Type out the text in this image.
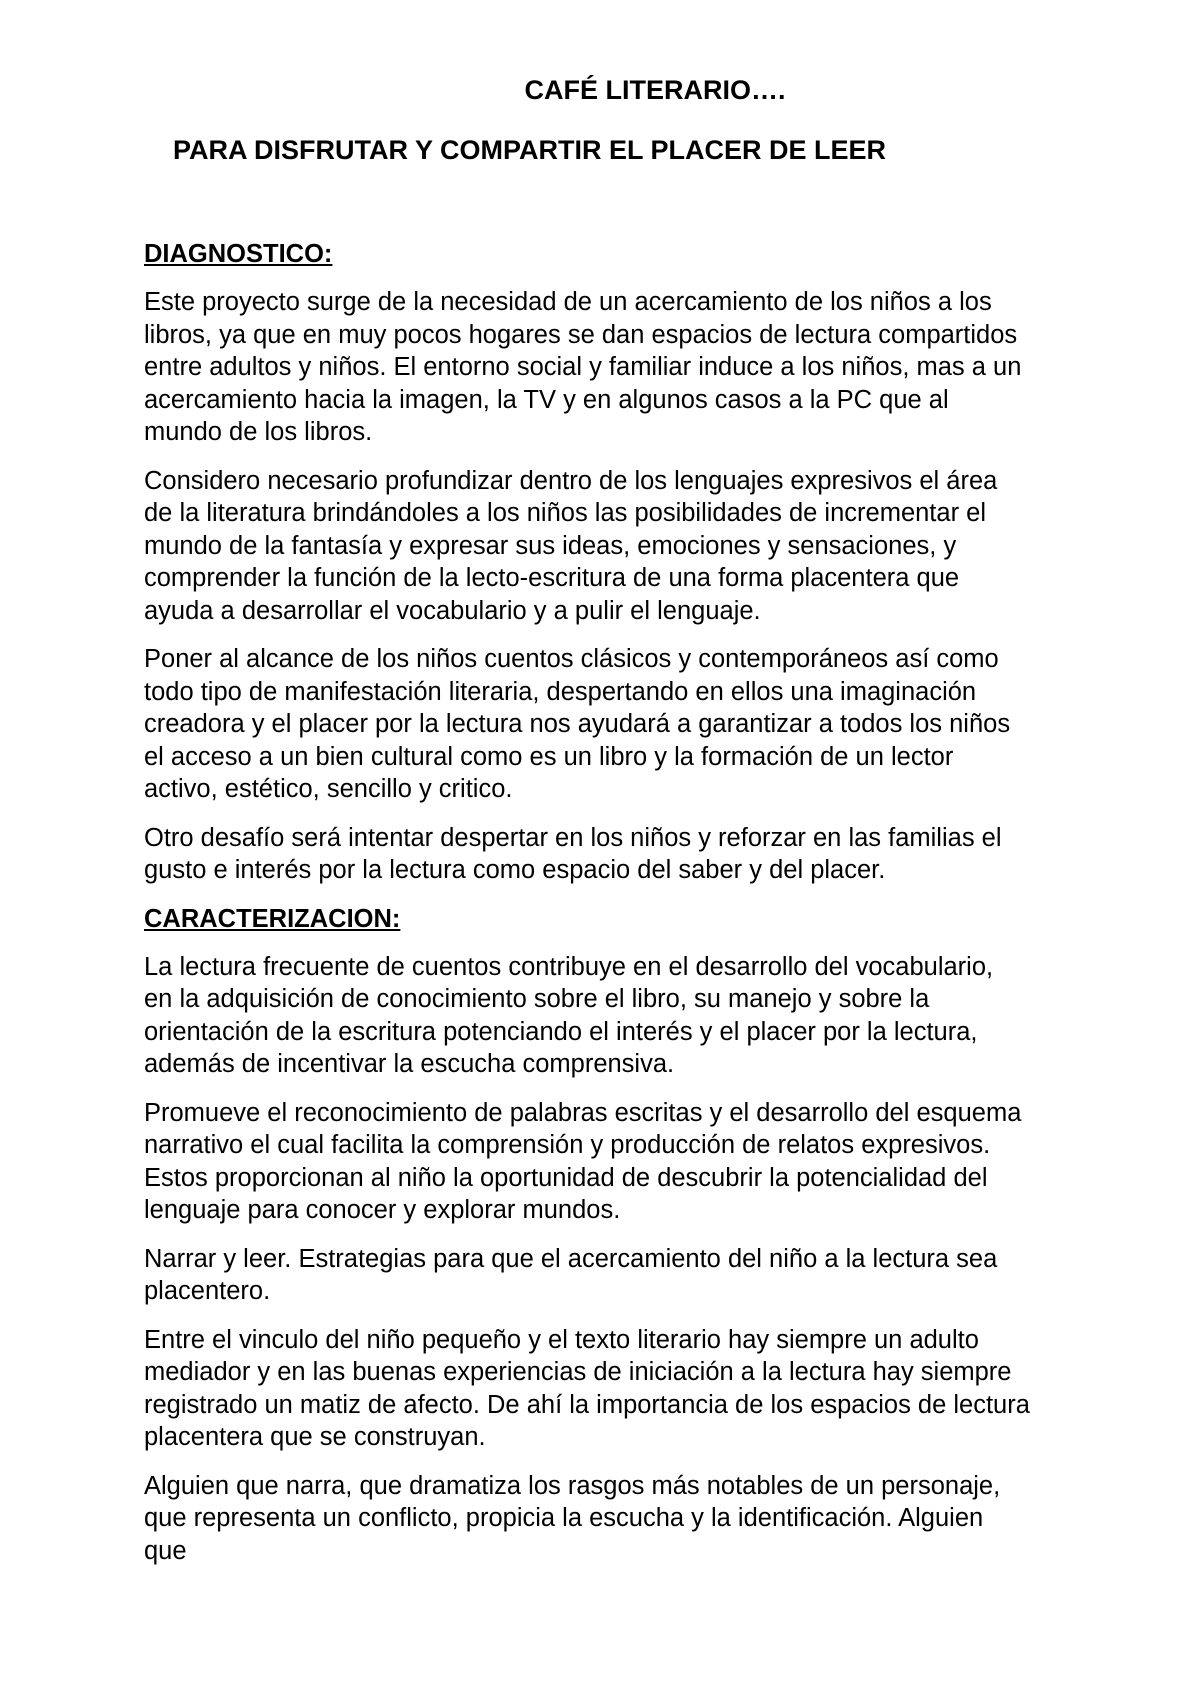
CAFÉ LITERARIO….
PARA DISFRUTAR Y COMPARTIR EL PLACER DE LEER
DIAGNOSTICO:
Este proyecto surge de la necesidad de un acercamiento de los niños a los
libros, ya que en muy pocos hogares se dan espacios de lectura compartidos
entre adultos y niños. El entorno social y familiar induce a los niños, mas a un
acercamiento hacia la imagen, la TV y en algunos casos a la PC que al
mundo de los libros.
Considero necesario profundizar dentro de los lenguajes expresivos el área
de la literatura brindándoles a los niños las posibilidades de incrementar el
mundo de la fantasía y expresar sus ideas, emociones y sensaciones, y
comprender la función de la lecto-escritura de una forma placentera que
ayuda a desarrollar el vocabulario y a pulir el lenguaje.
Poner al alcance de los niños cuentos clásicos y contemporáneos así como
todo tipo de manifestación literaria, despertando en ellos una imaginación
creadora y el placer por la lectura nos ayudará a garantizar a todos los niños
el acceso a un bien cultural como es un libro y la formación de un lector
activo, estético, sencillo y critico.
Otro desafío será intentar despertar en los niños y reforzar en las familias el
gusto e interés por la lectura como espacio del saber y del placer.
CARACTERIZACION:
La lectura frecuente de cuentos contribuye en el desarrollo del vocabulario,
en la adquisición de conocimiento sobre el libro, su manejo y sobre la
orientación de la escritura potenciando el interés y el placer por la lectura,
además de incentivar la escucha comprensiva.
Promueve el reconocimiento de palabras escritas y el desarrollo del esquema
narrativo el cual facilita la comprensión y producción de relatos expresivos.
Estos proporcionan al niño la oportunidad de descubrir la potencialidad del
lenguaje para conocer y explorar mundos.
Narrar y leer. Estrategias para que el acercamiento del niño a la lectura sea
placentero.
Entre el vinculo del niño pequeño y el texto literario hay siempre un adulto
mediador y en las buenas experiencias de iniciación a la lectura hay siempre
registrado un matiz de afecto. De ahí la importancia de los espacios de lectura
placentera que se construyan.
Alguien que narra, que dramatiza los rasgos más notables de un personaje,
que representa un conflicto, propicia la escucha y la identificación. Alguien
que
